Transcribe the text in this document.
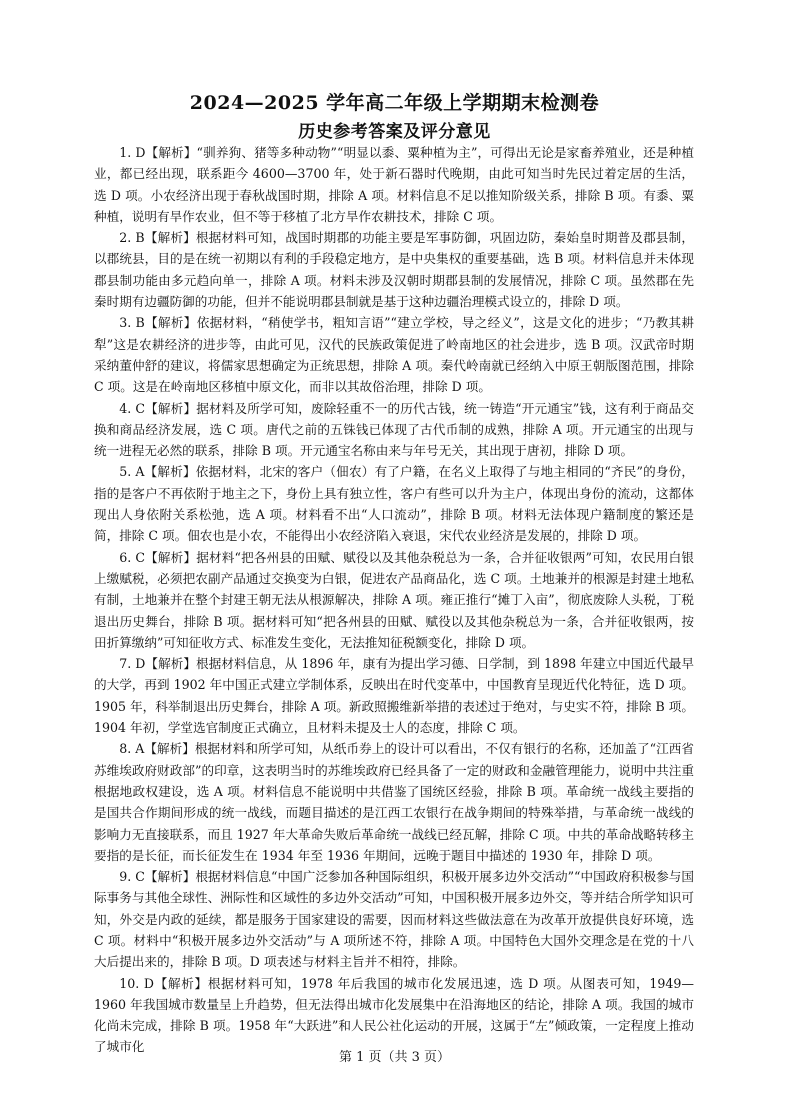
2024—2025 学年高二年级上学期期末检测卷
历史参考答案及评分意见

1. D【解析】“驯养狗、猪等多种动物”“明显以黍、粟种植为主”，可得出无论是家畜养殖业，还是种植业，都已经出现，联系距今 4600—3700 年，处于新石器时代晚期，由此可知当时先民过着定居的生活，选 D 项。小农经济出现于春秋战国时期，排除 A 项。材料信息不足以推知阶级关系，排除 B 项。有黍、粟种植，说明有旱作农业，但不等于移植了北方旱作农耕技术，排除 C 项。

2. B【解析】根据材料可知，战国时期郡的功能主要是军事防御，巩固边防，秦始皇时期普及郡县制，以郡统县，目的是在统一初期以有利的手段稳定地方，是中央集权的重要基础，选 B 项。材料信息并未体现郡县制功能由多元趋向单一，排除 A 项。材料未涉及汉朝时期郡县制的发展情况，排除 C 项。虽然郡在先秦时期有边疆防御的功能，但并不能说明郡县制就是基于这种边疆治理模式设立的，排除 D 项。

3. B【解析】依据材料，“稍使学书，粗知言语”“建立学校，导之经义”，这是文化的进步；“乃教其耕犁”这是农耕经济的进步等，由此可见，汉代的民族政策促进了岭南地区的社会进步，选 B 项。汉武帝时期采纳董仲舒的建议，将儒家思想确定为正统思想，排除 A 项。秦代岭南就已经纳入中原王朝版图范围，排除 C 项。这是在岭南地区移植中原文化，而非以其故俗治理，排除 D 项。

4. C【解析】据材料及所学可知，废除轻重不一的历代古钱，统一铸造“开元通宝”钱，这有利于商品交换和商品经济发展，选 C 项。唐代之前的五铢钱已体现了古代币制的成熟，排除 A 项。开元通宝的出现与统一进程无必然的联系，排除 B 项。开元通宝名称由来与年号无关，其出现于唐初，排除 D 项。

5. A【解析】依据材料，北宋的客户（佃农）有了户籍，在名义上取得了与地主相同的“齐民”的身份，指的是客户不再依附于地主之下，身份上具有独立性，客户有些可以升为主户，体现出身份的流动，这都体现出人身依附关系松弛，选 A 项。材料看不出“人口流动”，排除 B 项。材料无法体现户籍制度的繁还是简，排除 C 项。佃农也是小农，不能得出小农经济陷入衰退，宋代农业经济是发展的，排除 D 项。

6. C【解析】据材料“把各州县的田赋、赋役以及其他杂税总为一条，合并征收银两”可知，农民用白银上缴赋税，必须把农副产品通过交换变为白银，促进农产品商品化，选 C 项。土地兼并的根源是封建土地私有制，土地兼并在整个封建王朝无法从根源解决，排除 A 项。雍正推行“摊丁入亩”，彻底废除人头税，丁税退出历史舞台，排除 B 项。据材料可知“把各州县的田赋、赋役以及其他杂税总为一条，合并征收银两，按田折算缴纳”可知征收方式、标准发生变化，无法推知征税额变化，排除 D 项。

7. D【解析】根据材料信息，从 1896 年，康有为提出学习德、日学制，到 1898 年建立中国近代最早的大学，再到 1902 年中国正式建立学制体系，反映出在时代变革中，中国教育呈现近代化特征，选 D 项。1905 年，科举制退出历史舞台，排除 A 项。新政照搬维新举措的表述过于绝对，与史实不符，排除 B 项。1904 年初，学堂选官制度正式确立，且材料未提及士人的态度，排除 C 项。

8. A【解析】根据材料和所学可知，从纸币券上的设计可以看出，不仅有银行的名称，还加盖了“江西省苏维埃政府财政部”的印章，这表明当时的苏维埃政府已经具备了一定的财政和金融管理能力，说明中共注重根据地政权建设，选 A 项。材料信息不能说明中共借鉴了国统区经验，排除 B 项。革命统一战线主要指的是国共合作期间形成的统一战线，而题目描述的是江西工农银行在战争期间的特殊举措，与革命统一战线的影响力无直接联系，而且 1927 年大革命失败后革命统一战线已经瓦解，排除 C 项。中共的革命战略转移主要指的是长征，而长征发生在 1934 年至 1936 年期间，远晚于题目中描述的 1930 年，排除 D 项。

9. C【解析】根据材料信息“中国广泛参加各种国际组织，积极开展多边外交活动”“中国政府积极参与国际事务与其他全球性、洲际性和区域性的多边外交活动”可知，中国积极开展多边外交，等并结合所学知识可知，外交是内政的延续，都是服务于国家建设的需要，因而材料这些做法意在为改革开放提供良好环境，选 C 项。材料中“积极开展多边外交活动”与 A 项所述不符，排除 A 项。中国特色大国外交理念是在党的十八大后提出来的，排除 B 项。D 项表述与材料主旨并不相符，排除。

10. D【解析】根据材料可知，1978 年后我国的城市化发展迅速，选 D 项。从图表可知，1949—1960 年我国城市数量呈上升趋势，但无法得出城市化发展集中在沿海地区的结论，排除 A 项。我国的城市化尚未完成，排除 B 项。1958 年“大跃进”和人民公社化运动的开展，这属于“左”倾政策，一定程度上推动了城市化

第 1 页（共 3 页）
